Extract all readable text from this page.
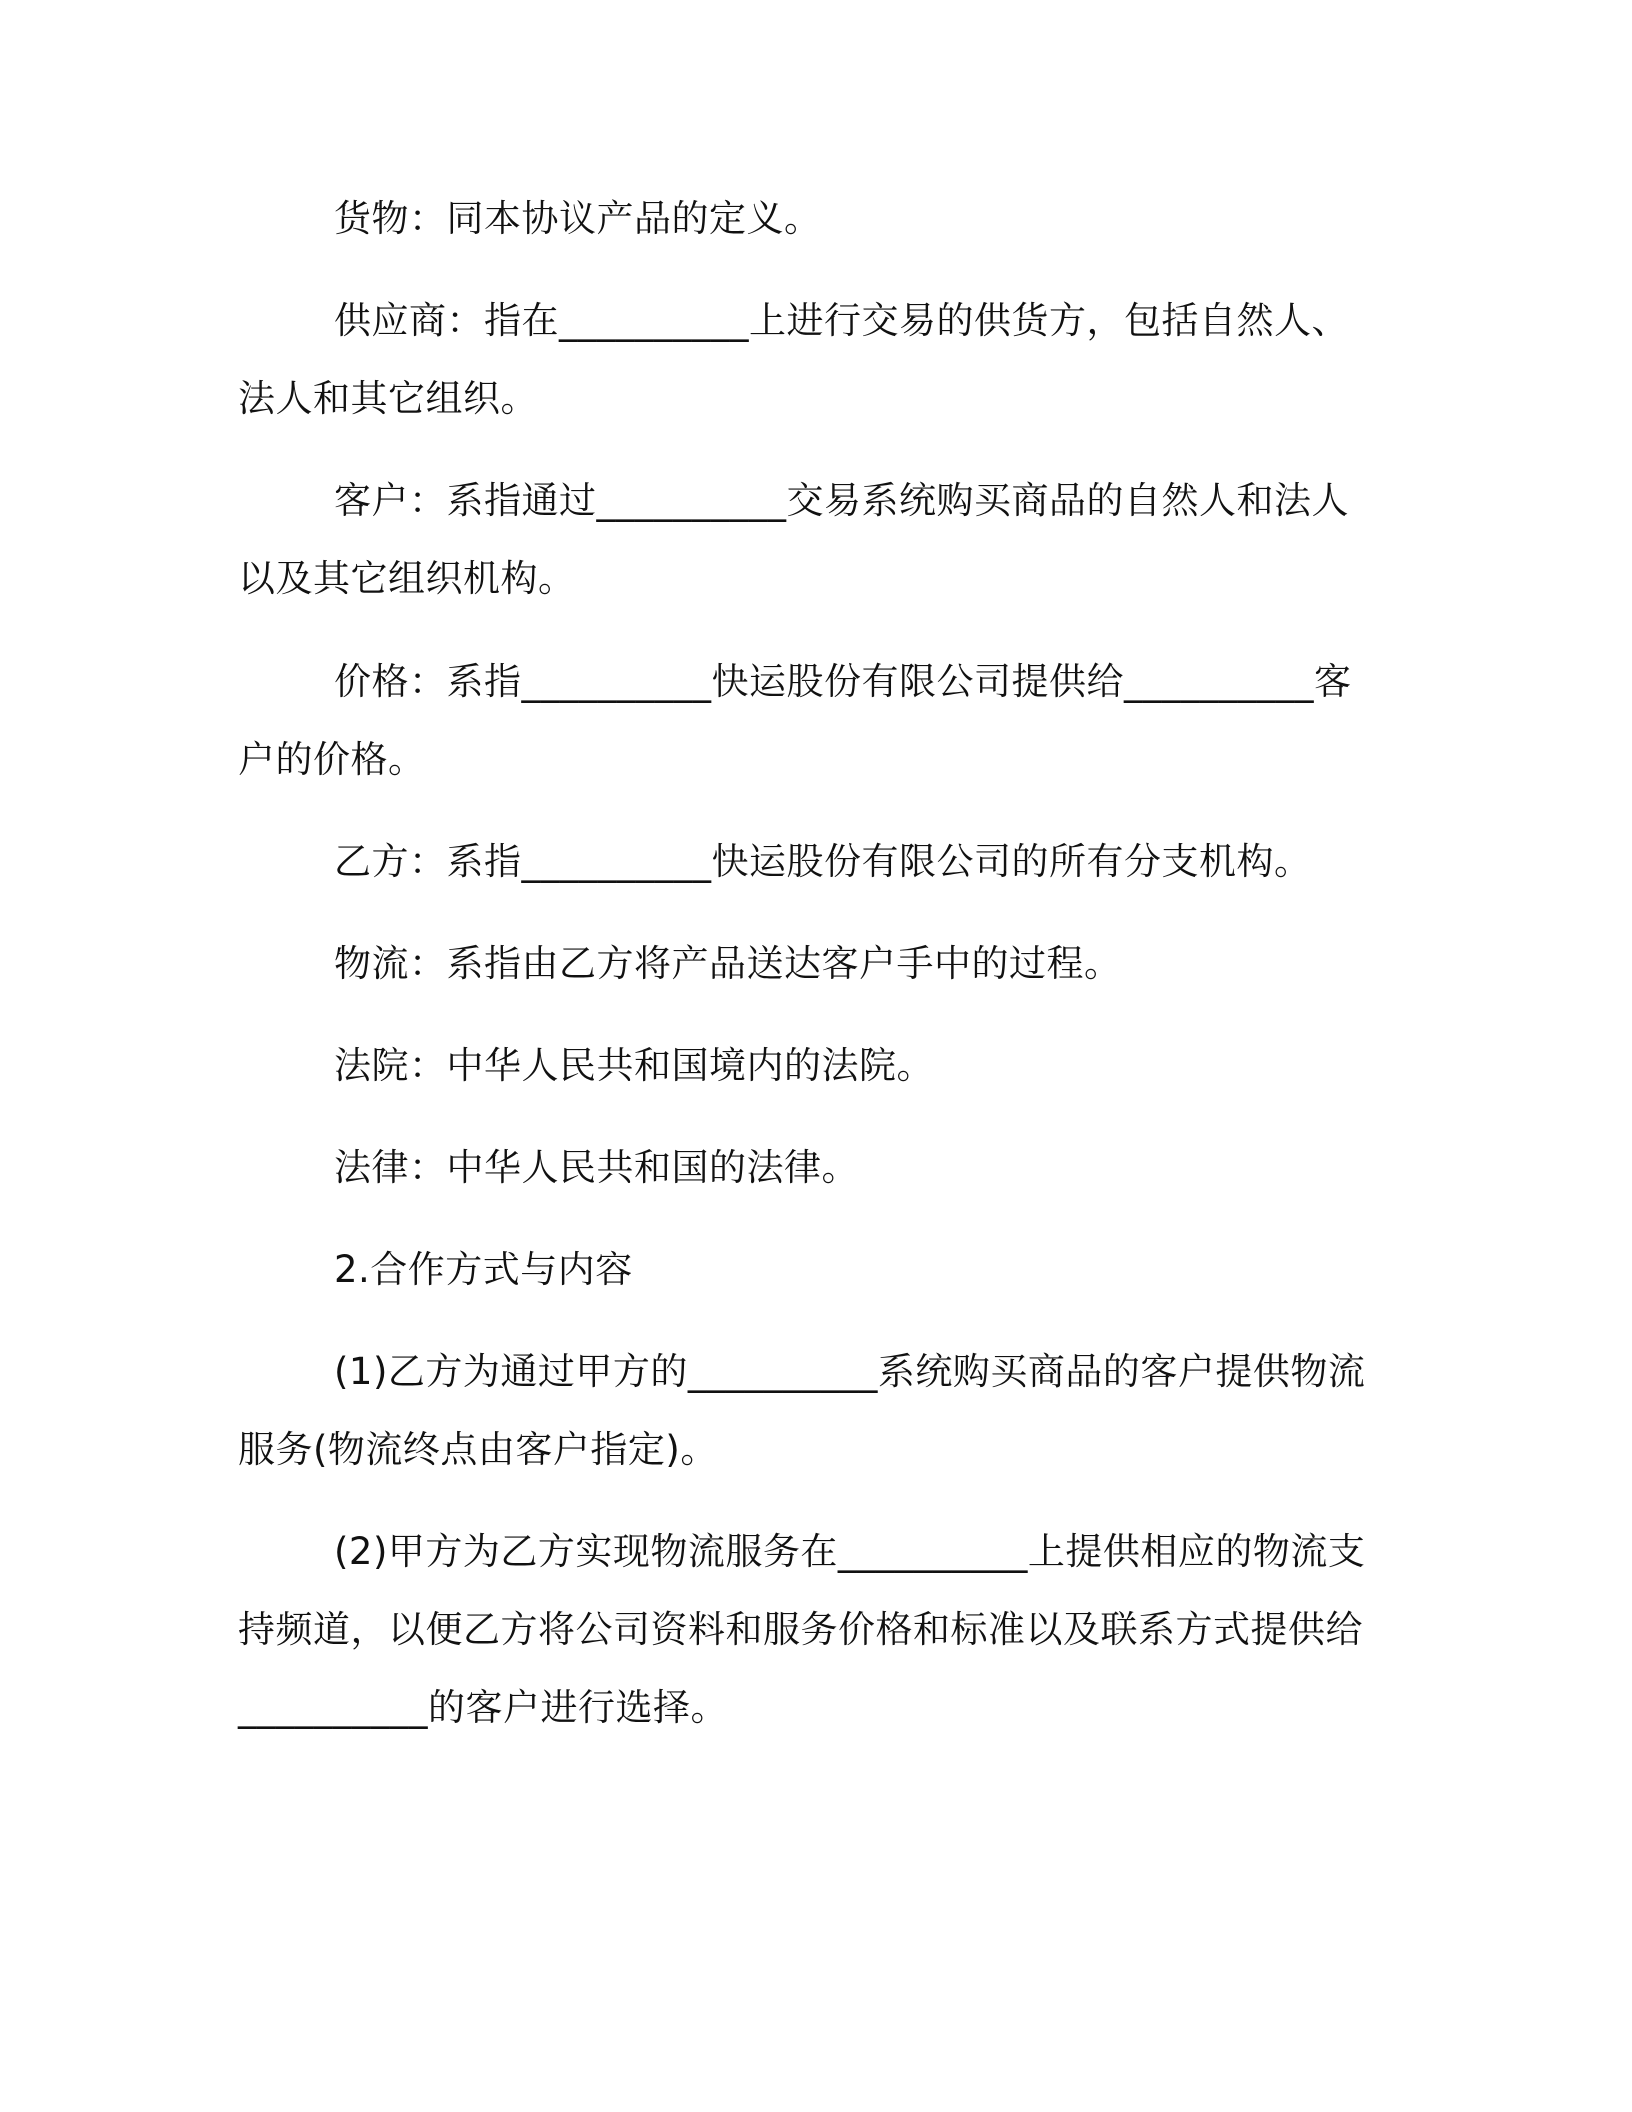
货物：同本协议产品的定义。

供应商：指在__________上进行交易的供货方，包括自然人、法人和其它组织。

客户：系指通过__________交易系统购买商品的自然人和法人以及其它组织机构。

价格：系指__________快运股份有限公司提供给__________客户的价格。

乙方：系指__________快运股份有限公司的所有分支机构。

物流：系指由乙方将产品送达客户手中的过程。

法院：中华人民共和国境内的法院。

法律：中华人民共和国的法律。

2.合作方式与内容

(1)乙方为通过甲方的__________系统购买商品的客户提供物流服务(物流终点由客户指定)。

(2)甲方为乙方实现物流服务在__________上提供相应的物流支持频道，以便乙方将公司资料和服务价格和标准以及联系方式提供给__________的客户进行选择。
